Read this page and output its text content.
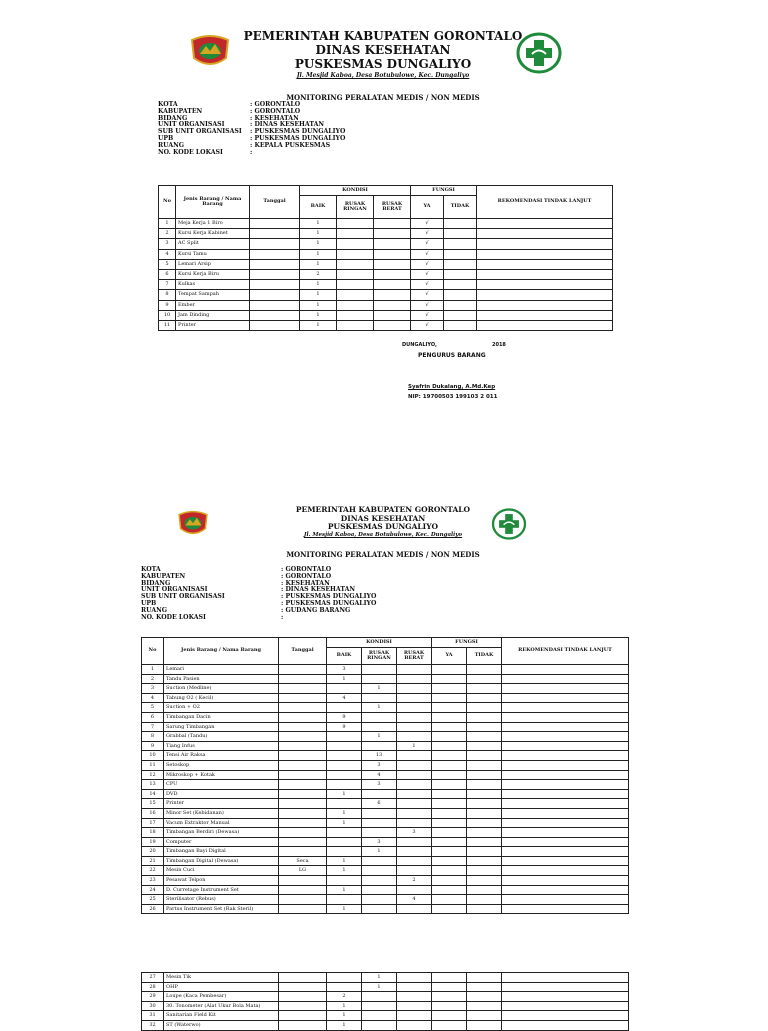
PEMERINTAH KABUPATEN GORONTALO
DINAS KESEHATAN
PUSKESMAS DUNGALIYO
Jl. Mesjid Kaboa, Desa Botubulowe, Kec. Dungaliyo
MONITORING PERALATAN MEDIS / NON MEDIS
KOTA	: GORONTALO
KABUPATEN	: GORONTALO
BIDANG	: KESEHATAN
UNIT ORGANISASI	: DINAS KESEHATAN
SUB UNIT ORGANISASI	: PUSKESMAS DUNGALIYO
UPB	: PUSKESMAS DUNGALIYO
RUANG	: KEPALA PUSKESMAS
NO. KODE LOKASI	:
No	Jenis Barang / Nama Barang	Tanggal	KONDISI			FUNGSI		REKOMENDASI TINDAK LANJUT
			BAIK	RUSAK RINGAN	RUSAK BERAT	YA	TIDAK	
1	Meja Kerja 1 Biro		1			√		
2	Kursi Kerja Kabinet		1			√		
3	AC Split		1			√		
4	Kursi Tamu		1			√		
5	Lemari Arsip		1			√		
6	Kursi Kerja Biru		2			√		
7	Kulkas		1			√		
8	Tempat Sampah		1			√		
9	Ember		1			√		
10	Jam Dinding		1			√		
11	Printer		1			√		
DUNGALIYO,	2018
PENGURUS BARANG
Syafrin Dukalang, A.Md.Kep
NIP: 19700503 199103 2 011
PEMERINTAH KABUPATEN GORONTALO
DINAS KESEHATAN
PUSKESMAS DUNGALIYO
Jl. Mesjid Kaboa, Desa Botubulowe, Kec. Dungaliyo
MONITORING PERALATAN MEDIS / NON MEDIS
KOTA	: GORONTALO
KABUPATEN	: GORONTALO
BIDANG	: KESEHATAN
UNIT ORGANISASI	: DINAS KESEHATAN
SUB UNIT ORGANISASI	: PUSKESMAS DUNGALIYO
UPB	: PUSKESMAS DUNGALIYO
RUANG	: GUDANG BARANG
NO. KODE LOKASI	:
No	Jenis Barang / Nama Barang	Tanggal	KONDISI			FUNGSI		REKOMENDASI TINDAK LANJUT
			BAIK	RUSAK RINGAN	RUSAK BERAT	YA	TIDAK	
1	Lemari		3					
2	Tandu Pasien		1					
3	Suction (Medline)			1				
4	Tabung O2 ( Kecil)		4					
5	Suction + O2			1				
6	Timbangan Dacin		9					
7	Sarung Timbangan		9					
8	Grabbal (Tandu)			1				
9	Tiang Infus				1			
10	Tensi Air Raksa			13				
11	Setoskop			3				
12	Mikroskop + Kotak			4				
13	CPU			3				
14	DVD		1					
15	Printer			6				
16	Minor Set (Kebidanan)		1					
17	Vacum Extraktor Manual		1					
18	Timbangan Berdiri (Dewasa)				3			
19	Computer			3				
20	Timbangan Bayi Digital			1				
21	Timbangan Digital (Dewasa)	Seca	1					
22	Mesin Cuci	LG	1					
23	Pesawat Telpon				2			
24	D. Curretage Instrument Set		1					
25	Sterilisator (Rebus)				4			
26	Partus Instrument Set (Rak Steril)		1					
27	Mesin Tik			1				
28	OHP			1				
29	Loupe (Kaca Pembesar)		2					
30	30. Tonometer (Alat Ukur Bola Mata)		1					
31	Sanitarian Field Kit		1					
32	ST (Waterwo)		1					
